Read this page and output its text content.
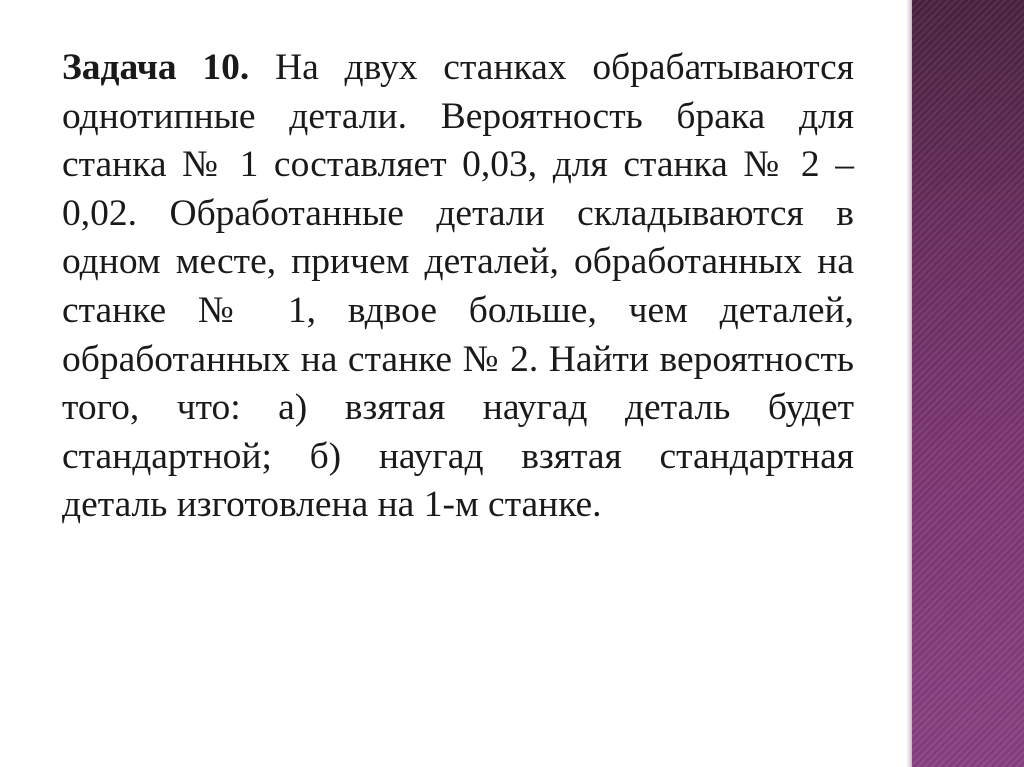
Задача 10. На двух станках обрабатываются однотипные детали. Вероятность брака для станка № 1 составляет 0,03, для станка № 2 – 0,02. Обработанные детали складываются в одном месте, причем деталей, обработанных на станке № 1, вдвое больше, чем деталей, обработанных на станке № 2. Найти вероятность того, что: а) взятая наугад деталь будет стандартной; б) наугад взятая стандартная деталь изготовлена на 1-м станке.
